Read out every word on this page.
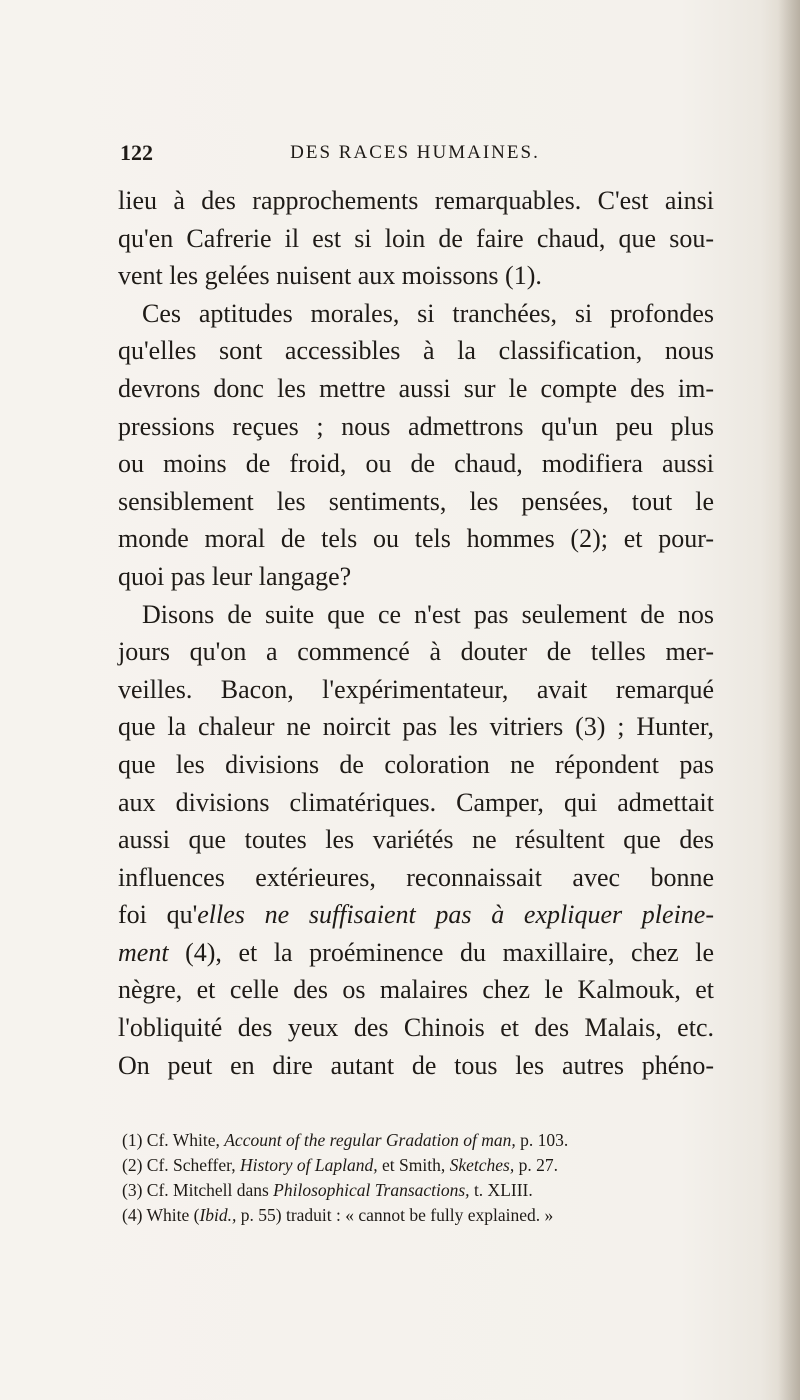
122	DES RACES HUMAINES.
lieu à des rapprochements remarquables. C'est ainsi
qu'en Cafrerie il est si loin de faire chaud, que sou-
vent les gelées nuisent aux moissons (1).
Ces aptitudes morales, si tranchées, si profondes
qu'elles sont accessibles à la classification, nous
devrons donc les mettre aussi sur le compte des im-
pressions reçues ; nous admettrons qu'un peu plus
ou moins de froid, ou de chaud, modifiera aussi
sensiblement les sentiments, les pensées, tout le
monde moral de tels ou tels hommes (2); et pour-
quoi pas leur langage?
Disons de suite que ce n'est pas seulement de nos
jours qu'on a commencé à douter de telles mer-
veilles. Bacon, l'expérimentateur, avait remarqué
que la chaleur ne noircit pas les vitriers (3) ; Hunter,
que les divisions de coloration ne répondent pas
aux divisions climatériques. Camper, qui admettait
aussi que toutes les variétés ne résultent que des
influences extérieures, reconnaissait avec bonne
foi qu'elles ne suffisaient pas à expliquer pleine-
ment (4), et la proéminence du maxillaire, chez le
nègre, et celle des os malaires chez le Kalmouk, et
l'obliquité des yeux des Chinois et des Malais, etc.
On peut en dire autant de tous les autres phéno-
(1) Cf. White, Account of the regular Gradation of man, p. 103.
(2) Cf. Scheffer, History of Lapland, et Smith, Sketches, p. 27.
(3) Cf. Mitchell dans Philosophical Transactions, t. XLIII.
(4) White (Ibid., p. 55) traduit : « cannot be fully explained. »
